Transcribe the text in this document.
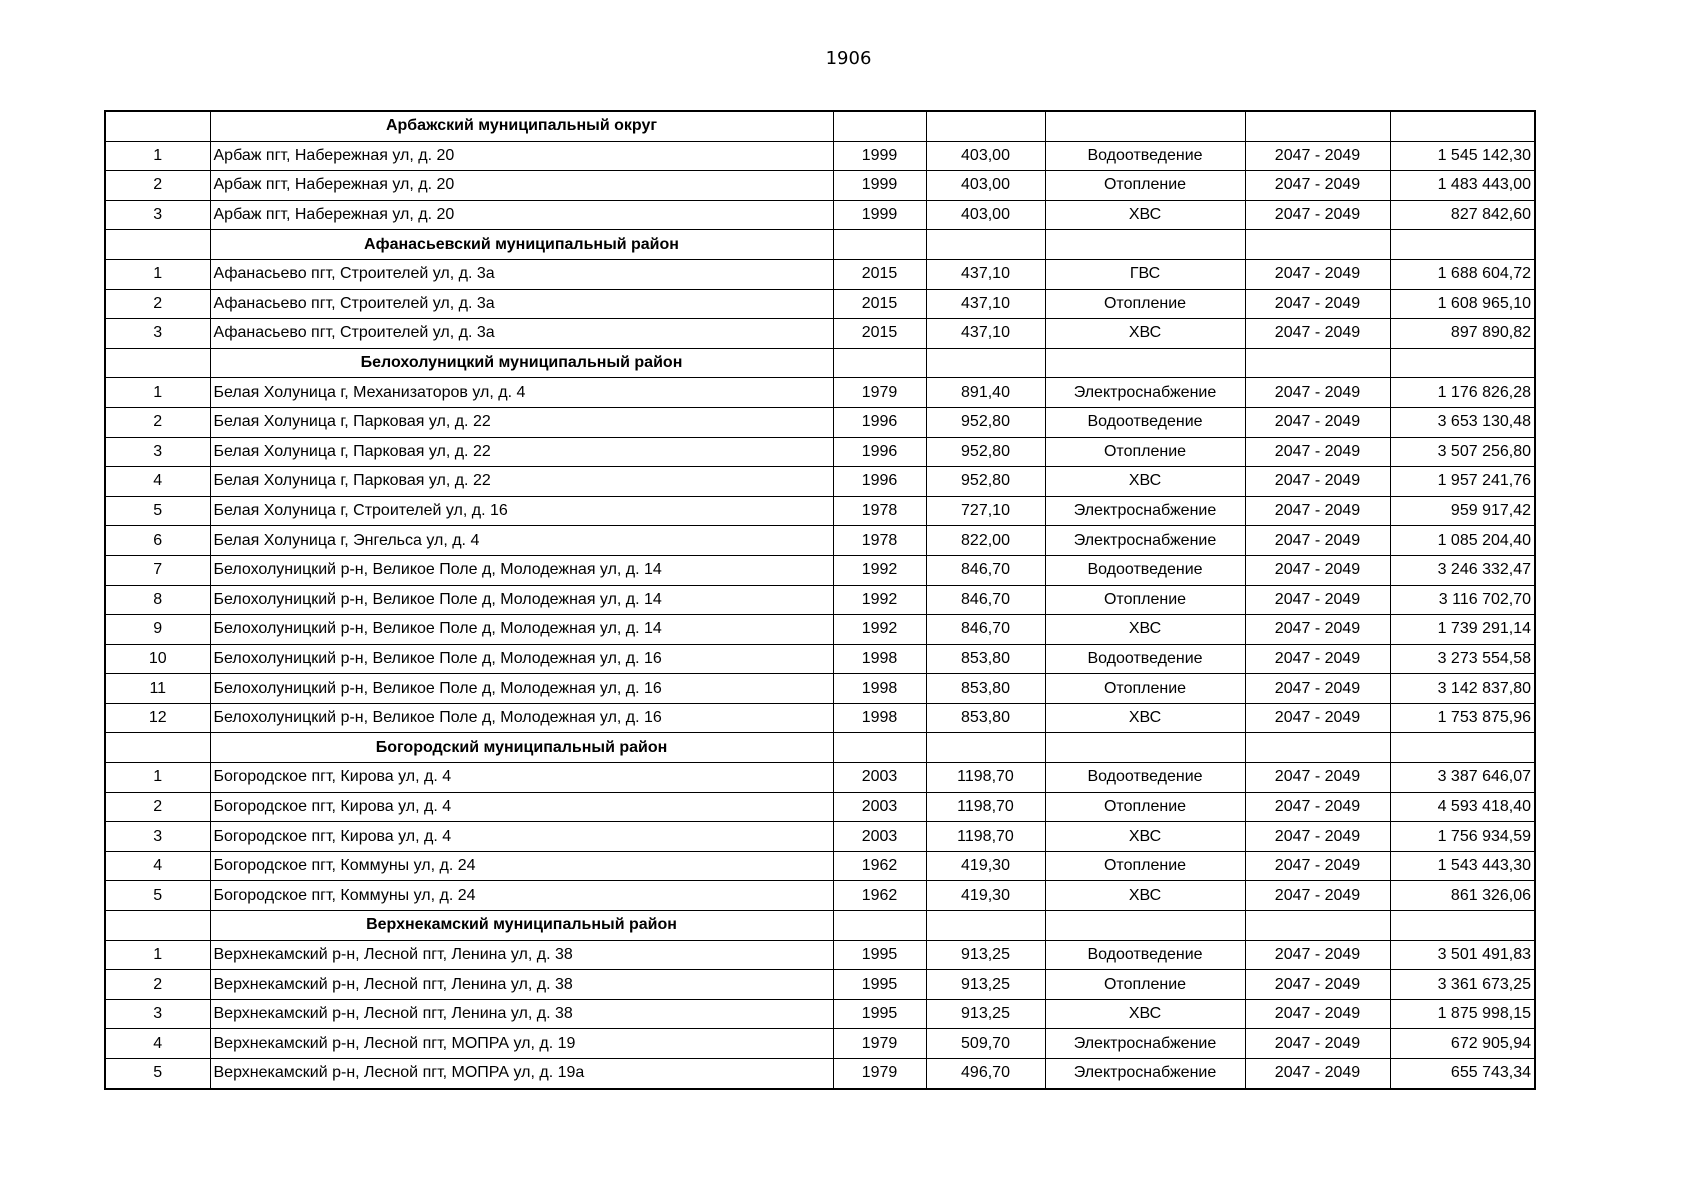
1906
	Арбажский муниципальный округ					
1	Арбаж пгт, Набережная ул, д. 20	1999	403,00	Водоотведение	2047 - 2049	1 545 142,30
2	Арбаж пгт, Набережная ул, д. 20	1999	403,00	Отопление	2047 - 2049	1 483 443,00
3	Арбаж пгт, Набережная ул, д. 20	1999	403,00	ХВС	2047 - 2049	827 842,60
	Афанасьевский муниципальный район					
1	Афанасьево пгт, Строителей ул, д. 3а	2015	437,10	ГВС	2047 - 2049	1 688 604,72
2	Афанасьево пгт, Строителей ул, д. 3а	2015	437,10	Отопление	2047 - 2049	1 608 965,10
3	Афанасьево пгт, Строителей ул, д. 3а	2015	437,10	ХВС	2047 - 2049	897 890,82
	Белохолуницкий муниципальный район					
1	Белая Холуница г, Механизаторов ул, д. 4	1979	891,40	Электроснабжение	2047 - 2049	1 176 826,28
2	Белая Холуница г, Парковая ул, д. 22	1996	952,80	Водоотведение	2047 - 2049	3 653 130,48
3	Белая Холуница г, Парковая ул, д. 22	1996	952,80	Отопление	2047 - 2049	3 507 256,80
4	Белая Холуница г, Парковая ул, д. 22	1996	952,80	ХВС	2047 - 2049	1 957 241,76
5	Белая Холуница г, Строителей ул, д. 16	1978	727,10	Электроснабжение	2047 - 2049	959 917,42
6	Белая Холуница г, Энгельса ул, д. 4	1978	822,00	Электроснабжение	2047 - 2049	1 085 204,40
7	Белохолуницкий р-н, Великое Поле д, Молодежная ул, д. 14	1992	846,70	Водоотведение	2047 - 2049	3 246 332,47
8	Белохолуницкий р-н, Великое Поле д, Молодежная ул, д. 14	1992	846,70	Отопление	2047 - 2049	3 116 702,70
9	Белохолуницкий р-н, Великое Поле д, Молодежная ул, д. 14	1992	846,70	ХВС	2047 - 2049	1 739 291,14
10	Белохолуницкий р-н, Великое Поле д, Молодежная ул, д. 16	1998	853,80	Водоотведение	2047 - 2049	3 273 554,58
11	Белохолуницкий р-н, Великое Поле д, Молодежная ул, д. 16	1998	853,80	Отопление	2047 - 2049	3 142 837,80
12	Белохолуницкий р-н, Великое Поле д, Молодежная ул, д. 16	1998	853,80	ХВС	2047 - 2049	1 753 875,96
	Богородский муниципальный район					
1	Богородское пгт, Кирова ул, д. 4	2003	1198,70	Водоотведение	2047 - 2049	3 387 646,07
2	Богородское пгт, Кирова ул, д. 4	2003	1198,70	Отопление	2047 - 2049	4 593 418,40
3	Богородское пгт, Кирова ул, д. 4	2003	1198,70	ХВС	2047 - 2049	1 756 934,59
4	Богородское пгт, Коммуны ул, д. 24	1962	419,30	Отопление	2047 - 2049	1 543 443,30
5	Богородское пгт, Коммуны ул, д. 24	1962	419,30	ХВС	2047 - 2049	861 326,06
	Верхнекамский муниципальный район					
1	Верхнекамский р-н, Лесной пгт, Ленина ул, д. 38	1995	913,25	Водоотведение	2047 - 2049	3 501 491,83
2	Верхнекамский р-н, Лесной пгт, Ленина ул, д. 38	1995	913,25	Отопление	2047 - 2049	3 361 673,25
3	Верхнекамский р-н, Лесной пгт, Ленина ул, д. 38	1995	913,25	ХВС	2047 - 2049	1 875 998,15
4	Верхнекамский р-н, Лесной пгт, МОПРА ул, д. 19	1979	509,70	Электроснабжение	2047 - 2049	672 905,94
5	Верхнекамский р-н, Лесной пгт, МОПРА ул, д. 19а	1979	496,70	Электроснабжение	2047 - 2049	655 743,34
